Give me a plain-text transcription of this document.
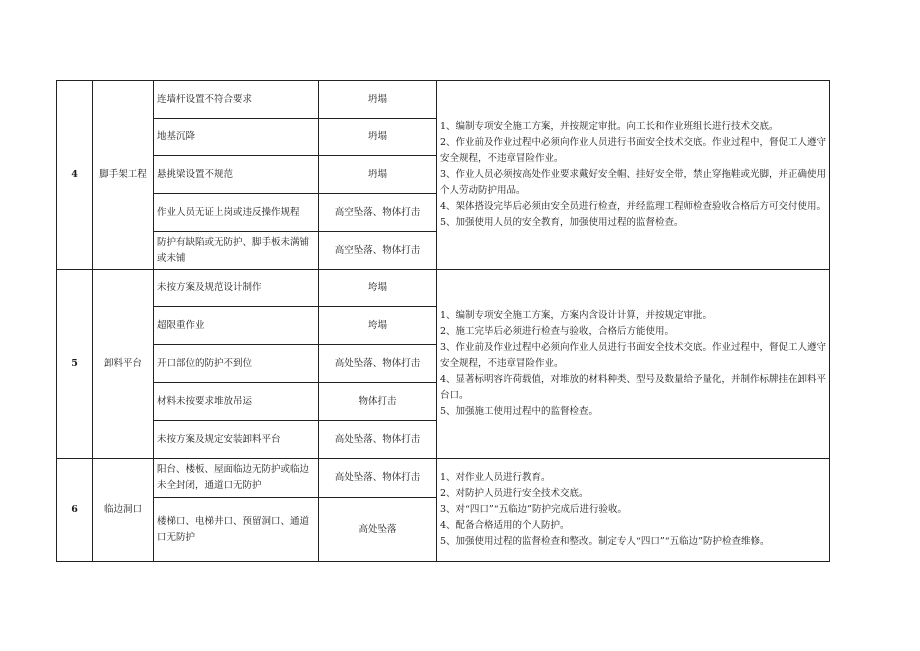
4	脚手架工程	连墙杆设置不符合要求	坍塌	1、编制专项安全施工方案，并按规定审批。向工长和作业班组长进行技术交底。
2、作业前及作业过程中必须向作业人员进行书面安全技术交底。作业过程中，督促工人遵守安全规程，不违章冒险作业。
3、作业人员必须按高处作业要求戴好安全帽、挂好安全带，禁止穿拖鞋或光脚，并正确使用个人劳动防护用品。
4、架体搭设完毕后必须由安全员进行检查，并经监理工程师检查验收合格后方可交付使用。
5、加强使用人员的安全教育，加强使用过程的监督检查。

		地基沉降	坍塌	
		悬挑梁设置不规范	坍塌	
		作业人员无证上岗或违反操作规程	高空坠落、物体打击	
		防护有缺陷或无防护、脚手板未满铺或未铺	高空坠落、物体打击	
5	卸料平台	未按方案及规范设计制作	垮塌	1、编制专项安全施工方案，方案内含设计计算，并按规定审批。
2、施工完毕后必须进行检查与验收，合格后方能使用。
3、作业前及作业过程中必须向作业人员进行书面安全技术交底。作业过程中，督促工人遵守安全规程，不违章冒险作业。
4、显著标明容许荷载值，对堆放的材料种类、型号及数量给予量化，并制作标牌挂在卸料平台口。
5、加强施工使用过程中的监督检查。

		超限重作业	垮塌	
		开口部位的防护不到位	高处坠落、物体打击	
		材料未按要求堆放吊运	物体打击	
		未按方案及规定安装卸料平台	高处坠落、物体打击	
6	临边洞口	阳台、楼板、屋面临边无防护或临边未全封闭，通道口无防护	高处坠落、物体打击	1、对作业人员进行教育。
2、对防护人员进行安全技术交底。
3、对“四口”“五临边”防护完成后进行验收。
4、配备合格适用的个人防护。
5、加强使用过程的监督检查和整改。制定专人“四口”“五临边”防护检查维修。

		楼梯口、电梯井口、预留洞口、通道口无防护	高处坠落	
